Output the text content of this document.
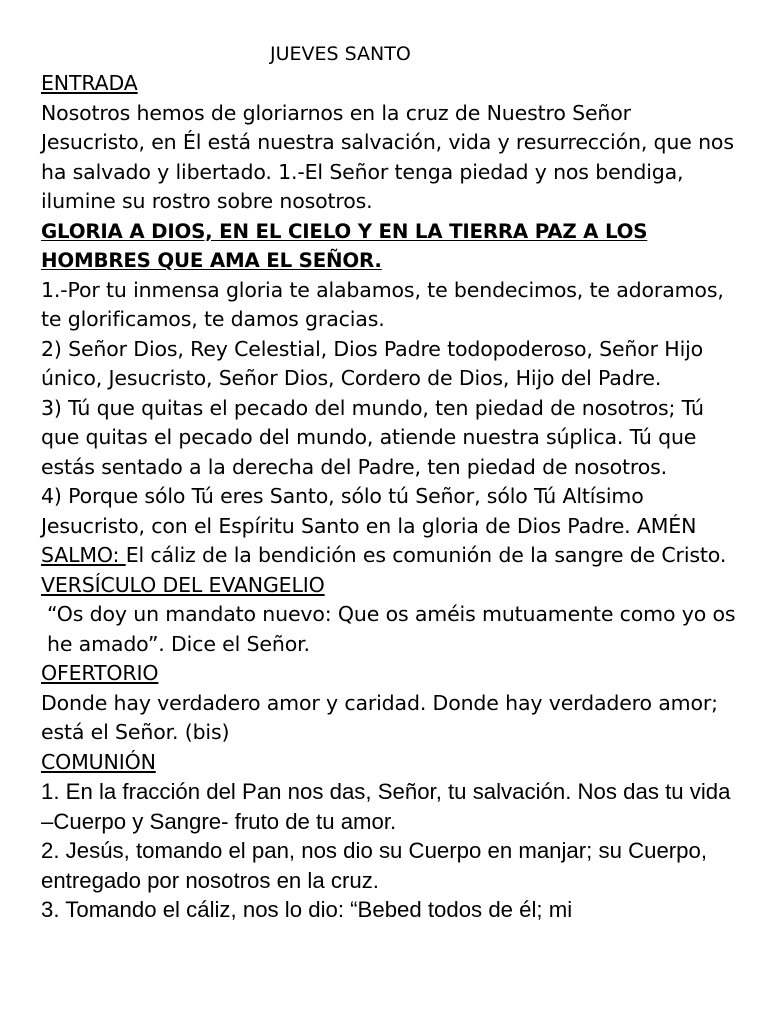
JUEVES SANTO

ENTRADA

Nosotros hemos de gloriarnos en la cruz de Nuestro Señor Jesucristo, en Él está nuestra salvación, vida y resurrección, que nos ha salvado y libertado. 1.-El Señor tenga piedad y nos bendiga, ilumine su rostro sobre nosotros.

GLORIA A DIOS, EN EL CIELO Y EN LA TIERRA PAZ A LOS HOMBRES QUE AMA EL SEÑOR.

1.-Por tu inmensa gloria te alabamos, te bendecimos, te adoramos, te glorificamos, te damos gracias.

2) Señor Dios, Rey Celestial, Dios Padre todopoderoso, Señor Hijo único, Jesucristo, Señor Dios, Cordero de Dios, Hijo del Padre.

3) Tú que quitas el pecado del mundo, ten piedad de nosotros; Tú que quitas el pecado del mundo, atiende nuestra súplica. Tú que estás sentado a la derecha del Padre, ten piedad de nosotros.

4) Porque sólo Tú eres Santo, sólo tú Señor, sólo Tú Altísimo Jesucristo, con el Espíritu Santo en la gloria de Dios Padre. AMÉN

SALMO: El cáliz de la bendición es comunión de la sangre de Cristo.

VERSÍCULO DEL EVANGELIO

“Os doy un mandato nuevo: Que os améis mutuamente como yo os he amado”. Dice el Señor.

OFERTORIO

Donde hay verdadero amor y caridad. Donde hay verdadero amor; está el Señor. (bis)

COMUNIÓN

1. En la fracción del Pan nos das, Señor, tu salvación. Nos das tu vida –Cuerpo y Sangre- fruto de tu amor.

2. Jesús, tomando el pan, nos dio su Cuerpo en manjar; su Cuerpo, entregado por nosotros en la cruz.

3. Tomando el cáliz, nos lo dio: “Bebed todos de él; mi
